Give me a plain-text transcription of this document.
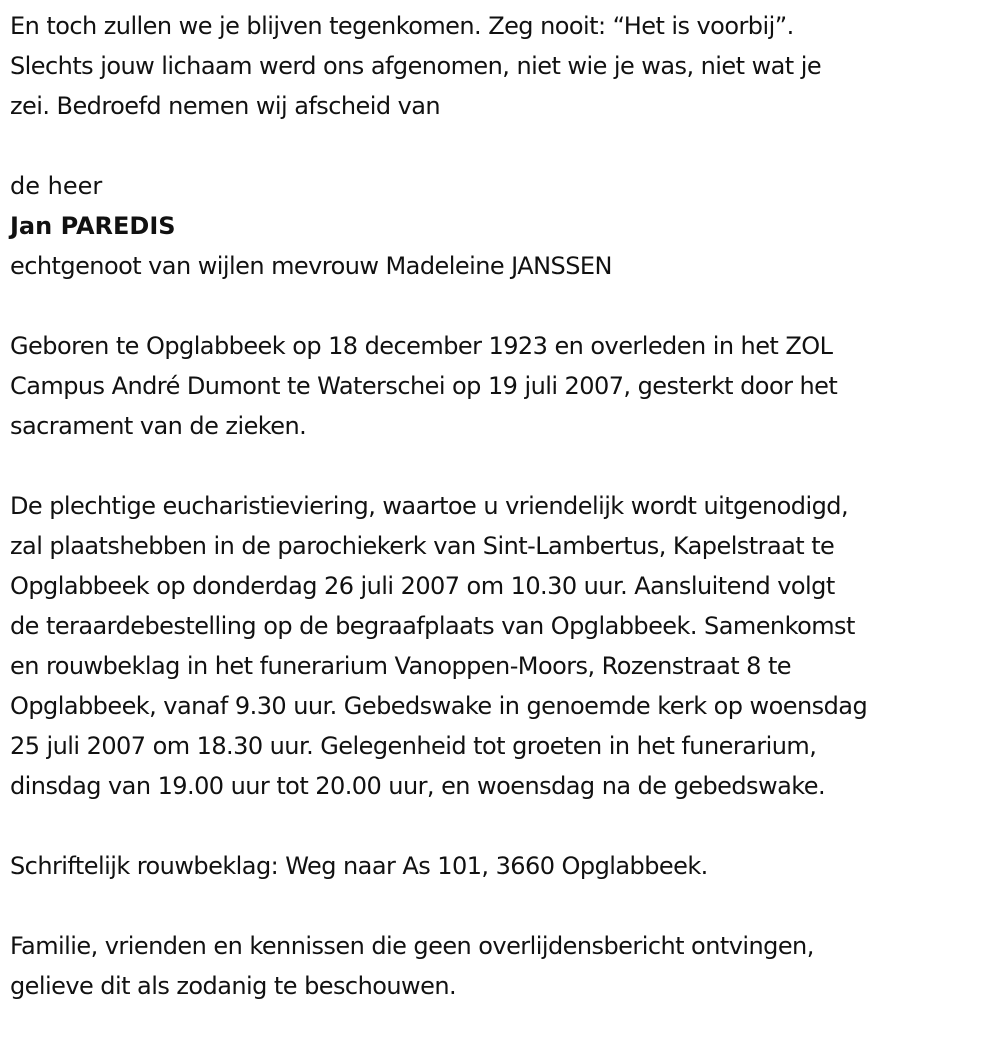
En toch zullen we je blijven tegenkomen. Zeg nooit: “Het is voorbij”.
Slechts jouw lichaam werd ons afgenomen, niet wie je was, niet wat je
zei. Bedroefd nemen wij afscheid van
de heer
Jan PAREDIS
echtgenoot van wijlen mevrouw Madeleine JANSSEN
Geboren te Opglabbeek op 18 december 1923 en overleden in het ZOL
Campus André Dumont te Waterschei op 19 juli 2007, gesterkt door het
sacrament van de zieken.
De plechtige eucharistieviering, waartoe u vriendelijk wordt uitgenodigd,
zal plaatshebben in de parochiekerk van Sint-Lambertus, Kapelstraat te
Opglabbeek op donderdag 26 juli 2007 om 10.30 uur. Aansluitend volgt
de teraardebestelling op de begraafplaats van Opglabbeek. Samenkomst
en rouwbeklag in het funerarium Vanoppen-Moors, Rozenstraat 8 te
Opglabbeek, vanaf 9.30 uur. Gebedswake in genoemde kerk op woensdag
25 juli 2007 om 18.30 uur. Gelegenheid tot groeten in het funerarium,
dinsdag van 19.00 uur tot 20.00 uur, en woensdag na de gebedswake.
Schriftelijk rouwbeklag: Weg naar As 101, 3660 Opglabbeek.
Familie, vrienden en kennissen die geen overlijdensbericht ontvingen,
gelieve dit als zodanig te beschouwen.
